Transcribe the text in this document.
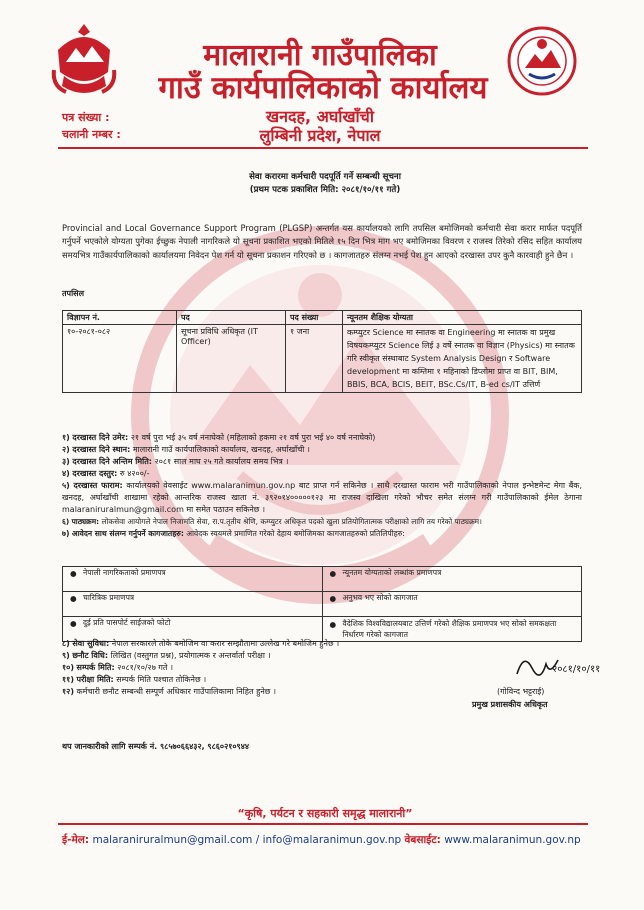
मालारानी गाउँपालिका
गाउँ कार्यपालिकाको कार्यालय
खनदह, अर्घाखाँची
लुम्बिनी प्रदेश, नेपाल
पत्र संख्या :
चलानी नम्बर :
सेवा करारमा कर्मचारी पदपूर्ति गर्ने सम्बन्धी सूचना
(प्रथम पटक प्रकाशित मिति: २०८१/१०/११ गते)
Provincial and Local Governance Support Program (PLGSP) अन्तर्गत यस कार्यालयको लागि तपसिल बमोजिमको कर्मचारी सेवा करार मार्फत पदपूर्ति गर्नुपर्ने भएकोले योग्यता पुगेका ईच्छुक नेपाली नागरिकले यो सूचना प्रकाशित भएको मितिले १५ दिन भित्र माग भए बमोजिमका विवरण र राजस्व तिरेको रसिद सहित कार्यालय समयभित्र गाउँकार्यपालिकाको कार्यालयमा निवेदन पेश गर्न यो सूचना प्रकाशन गरिएको छ । कागजातहरु संलग्न नभई पेश हुन आएको दरखास्त उपर कुनै कारवाही हुने छैन ।
तपसिल
विज्ञापन नं.	पद	पद संख्या	न्यूनतम शैक्षिक योग्यता
१०-२०८१-०८२	सूचना प्रविधि अधिकृत (IT Officer)	१ जना	कम्प्युटर Science मा स्नातक वा Engineering मा स्नातक वा प्रमुख विषयकम्प्युटर Science लिई ३ वर्षे स्नातक वा विज्ञान (Physics) मा स्नातक गरि स्वीकृत संस्थाबाट System Analysis Design र Software development मा कम्तिमा १ महिनाको डिप्लोमा प्राप्त वा BIT, BIM, BBIS, BCA, BCIS, BEIT, BSc.Cs/IT, B-ed cs/IT उत्तिर्ण
१) दरखास्त दिने उमेर: २१ वर्ष पुरा भई ३५ वर्ष ननाघेको (महिलाको हकमा २१ वर्ष पुरा भई ४० वर्ष ननाघेको)
२) दरखास्त दिने स्थान: मालारानी गाउँ कार्यपालिकाको कार्यालय, खनदह, अर्घाखाँची ।
३) दरखास्त दिने अन्तिम मिति: २०८१ साल माघ २५ गते कार्यालय समय भित्र ।
४) दरखास्त दस्तुर: रु ४२००/-
५) दरखास्त फाराम: कार्यालयको वेवसाईट www.malaranimun.gov.np बाट प्राप्त गर्न सकिनेछ । साथै दरखास्त फाराम भरी गाउँपालिकाको नेपाल इन्भेष्टमेन्ट मेगा बैंक, खनदह, अर्घाखाँची शाखामा रहेको आन्तरिक राजस्व खाता नं. ३९२०१४०००००१२३ मा राजस्व दाखिला गरेको भौचर समेत संलग्न गरी गाउँपालिकाको ईमेल ठेगाना malaraniruralmun@gmail.com मा समेत पठाउन सकिनेछ ।
६) पाठ्यक्रम: लोकसेवा आयोगले नेपाल निजामति सेवा, रा.प.तृतीय श्रेणि, कम्प्युटर अधिकृत पदको खुला प्रतियोगितात्मक परीक्षाको लागि तय गरेको पाठ्यक्रम।
७) आवेदन साथ संलग्न गर्नुपर्ने कागजातहरु: आवेदक स्वयमले प्रमाणित गरेको देहाय बमोजिमका कागजातहरुको प्रतिलिपीहरु:
● नेपाली नागरिकताको प्रमाणपत्र	● न्यूनतम योग्यताको लब्धांक प्रमाणपत्र

● चारित्रिक प्रमाणपत्र	● अनुभव भए सोको कागजात

● दुई प्रति पासपोर्ट साईजको फोटो	● वैदेशिक विश्वविद्यालयबाट उत्तिर्ण गरेको शैक्षिक प्रमाणपत्र भए सोको समकक्षता निर्धारण गरेको कागजात
८) सेवा सुविधा: नेपाल सरकारले तोके बमोजिम वा करार सम्झौतामा उल्लेख गरे बमोजिम हुनेछ ।
९) छनौट विधि: लिखित (वस्तुगत प्रश्न), प्रयोगात्मक र अन्तर्वार्ता परीक्षा ।
१०) सम्पर्क मिति: २०८१/१०/२७ गते ।
११) परीक्षा मिति: सम्पर्क मिति पश्चात तोकिनेछ ।
१२) कर्मचारी छनौट सम्बन्धी सम्पूर्ण अधिकार गाउँपालिकामा निहित हुनेछ ।
२०८१/१०/११
(गोविन्द भट्टराई)
प्रमुख प्रशासकीय अधिकृत
थप जानकारीको लागि सम्पर्क नं. ९८५७०६६४३२, ९८६०२१०९४४
“कृषि, पर्यटन र सहकारी समृद्ध मालारानी”
ई-मेल: malaraniruralmun@gmail.com / info@malaranimun.gov.np वेबसाईट: www.malaranimun.gov.np
